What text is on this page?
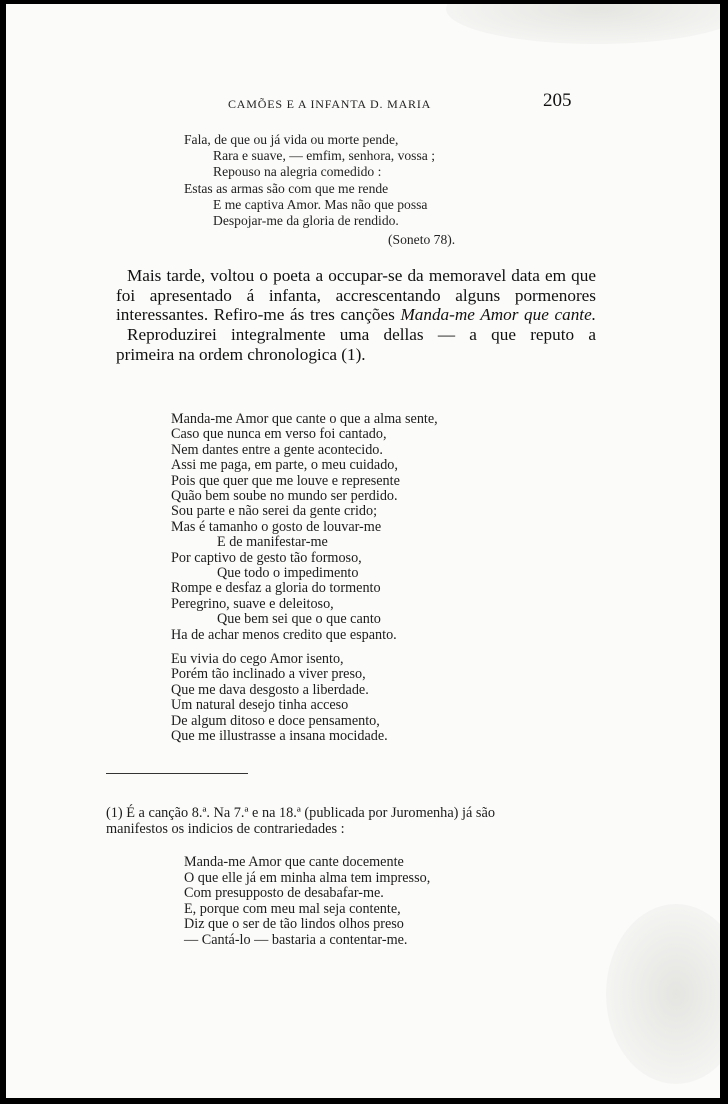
CAMÕES E A INFANTA D. MARIA	205
Fala, de que ou já vida ou morte pende,
Rara e suave, — emfim, senhora, vossa ;
Repouso na alegria comedido :
Estas as armas são com que me rende
E me captiva Amor. Mas não que possa
Despojar-me da gloria de rendido.
(Soneto 78).

Mais tarde, voltou o poeta a occupar-se da memoravel data em que foi apresentado á infanta, accrescentando alguns pormenores interessantes. Refiro-me ás tres canções Manda-me Amor que cante.

Reproduzirei integralmente uma dellas — a que reputo a

primeira na ordem chronologica (1).

Manda-me Amor que cante o que a alma sente,
Caso que nunca em verso foi cantado,
Nem dantes entre a gente acontecido.
Assi me paga, em parte, o meu cuidado,
Pois que quer que me louve e represente
Quão bem soube no mundo ser perdido.
Sou parte e não serei da gente crido;
Mas é tamanho o gosto de louvar-me
E de manifestar-me
Por captivo de gesto tão formoso,
Que todo o impedimento
Rompe e desfaz a gloria do tormento
Peregrino, suave e deleitoso,
Que bem sei que o que canto
Ha de achar menos credito que espanto.
Eu vivia do cego Amor isento,
Porém tão inclinado a viver preso,
Que me dava desgosto a liberdade.
Um natural desejo tinha acceso
De algum ditoso e doce pensamento,
Que me illustrasse a insana mocidade.

(1) É a canção 8.ª. Na 7.ª e na 18.ª (publicada por Juromenha) já são

manifestos os indicios de contrariedades :

Manda-me Amor que cante docemente
O que elle já em minha alma tem impresso,
Com presupposto de desabafar-me.
E, porque com meu mal seja contente,
Diz que o ser de tão lindos olhos preso
— Cantá-lo — bastaria a contentar-me.
